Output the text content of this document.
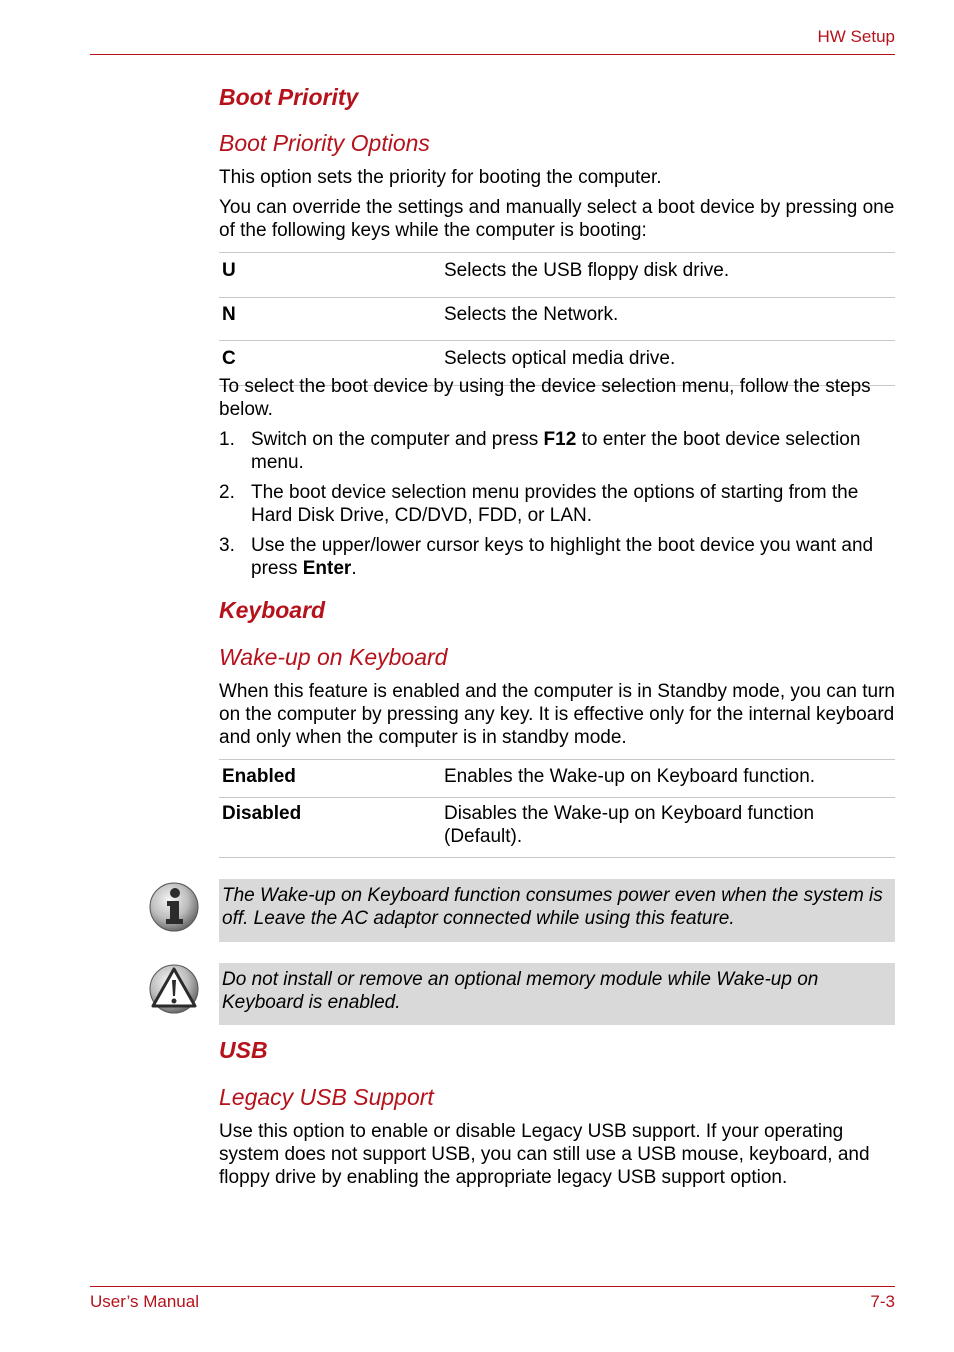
HW Setup
Boot Priority
Boot Priority Options
This option sets the priority for booting the computer.
You can override the settings and manually select a boot device by pressing one of the following keys while the computer is booting:
U	Selects the USB floppy disk drive.
N	Selects the Network.
C	Selects optical media drive.
To select the boot device by using the device selection menu, follow the steps below.
1. Switch on the computer and press F12 to enter the boot device selection menu.
2. The boot device selection menu provides the options of starting from the Hard Disk Drive, CD/DVD, FDD, or LAN.
3. Use the upper/lower cursor keys to highlight the boot device you want and press Enter.
Keyboard
Wake-up on Keyboard
When this feature is enabled and the computer is in Standby mode, you can turn on the computer by pressing any key. It is effective only for the internal keyboard and only when the computer is in standby mode.
Enabled	Enables the Wake-up on Keyboard function.
Disabled	Disables the Wake-up on Keyboard function (Default).
The Wake-up on Keyboard function consumes power even when the system is off. Leave the AC adaptor connected while using this feature.
Do not install or remove an optional memory module while Wake-up on Keyboard is enabled.
USB
Legacy USB Support
Use this option to enable or disable Legacy USB support. If your operating system does not support USB, you can still use a USB mouse, keyboard, and floppy drive by enabling the appropriate legacy USB support option.
User’s Manual	7-3
